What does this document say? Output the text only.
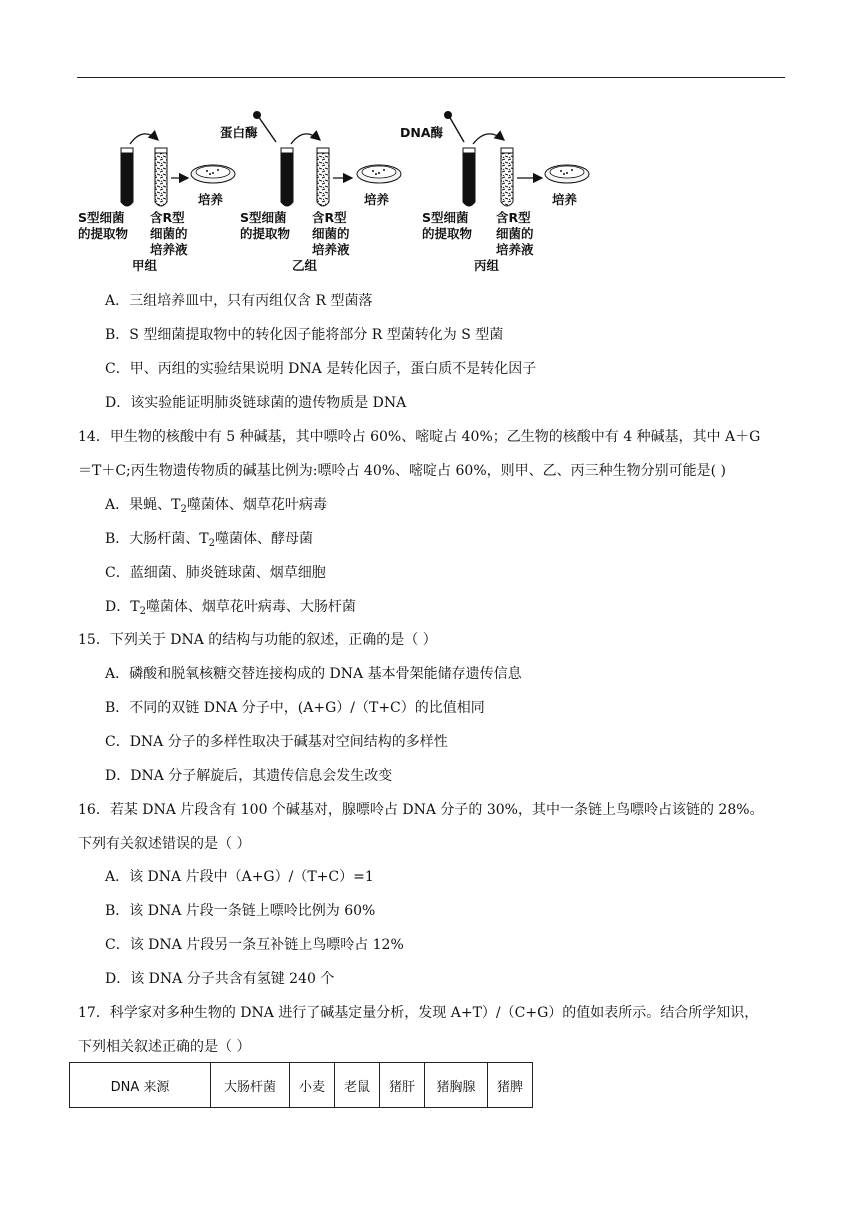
培养
S型细菌
的提取物
含R型
细菌的
培养液
甲组
蛋白酶
培养
S型细菌
的提取物
含R型
细菌的
培养液
乙组
DNA酶
培养
S型细菌
的提取物
含R型
细菌的
培养液
丙组
A．三组培养皿中，只有丙组仅含 R 型菌落
B．S 型细菌提取物中的转化因子能将部分 R 型菌转化为 S 型菌
C．甲、丙组的实验结果说明 DNA 是转化因子，蛋白质不是转化因子
D．该实验能证明肺炎链球菌的遗传物质是 DNA
14．甲生物的核酸中有 5 种碱基，其中嘌呤占 60%、嘧啶占 40%；乙生物的核酸中有 4 种碱基，其中 A＋G
＝T＋C;丙生物遗传物质的碱基比例为:嘌呤占 40%、嘧啶占 60%，则甲、乙、丙三种生物分别可能是( )
A．果蝇、$T_2$噬菌体、烟草花叶病毒
B．大肠杆菌、$T_2$噬菌体、酵母菌
C．蓝细菌、肺炎链球菌、烟草细胞
D．$T_2$噬菌体、烟草花叶病毒、大肠杆菌
15．下列关于 DNA 的结构与功能的叙述，正确的是（ ）
A．磷酸和脱氧核糖交替连接构成的 DNA 基本骨架能储存遗传信息
B．不同的双链 DNA 分子中，(A+G）/（T+C）的比值相同
C．DNA 分子的多样性取决于碱基对空间结构的多样性
D．DNA 分子解旋后，其遗传信息会发生改变
16．若某 DNA 片段含有 100 个碱基对，腺嘌呤占 DNA 分子的 30%，其中一条链上鸟嘌呤占该链的 28%。
下列有关叙述错误的是（ ）
A．该 DNA 片段中（A+G）/（T+C）=1
B．该 DNA 片段一条链上嘌呤比例为 60%
C．该 DNA 片段另一条互补链上鸟嘌呤占 12%
D．该 DNA 分子共含有氢键 240 个
17．科学家对多种生物的 DNA 进行了碱基定量分析，发现 A+T）/（C+G）的值如表所示。结合所学知识，
下列相关叙述正确的是（ ）
DNA 来源	大肠杆菌	小麦	老鼠	猪肝	猪胸腺	猪脾
